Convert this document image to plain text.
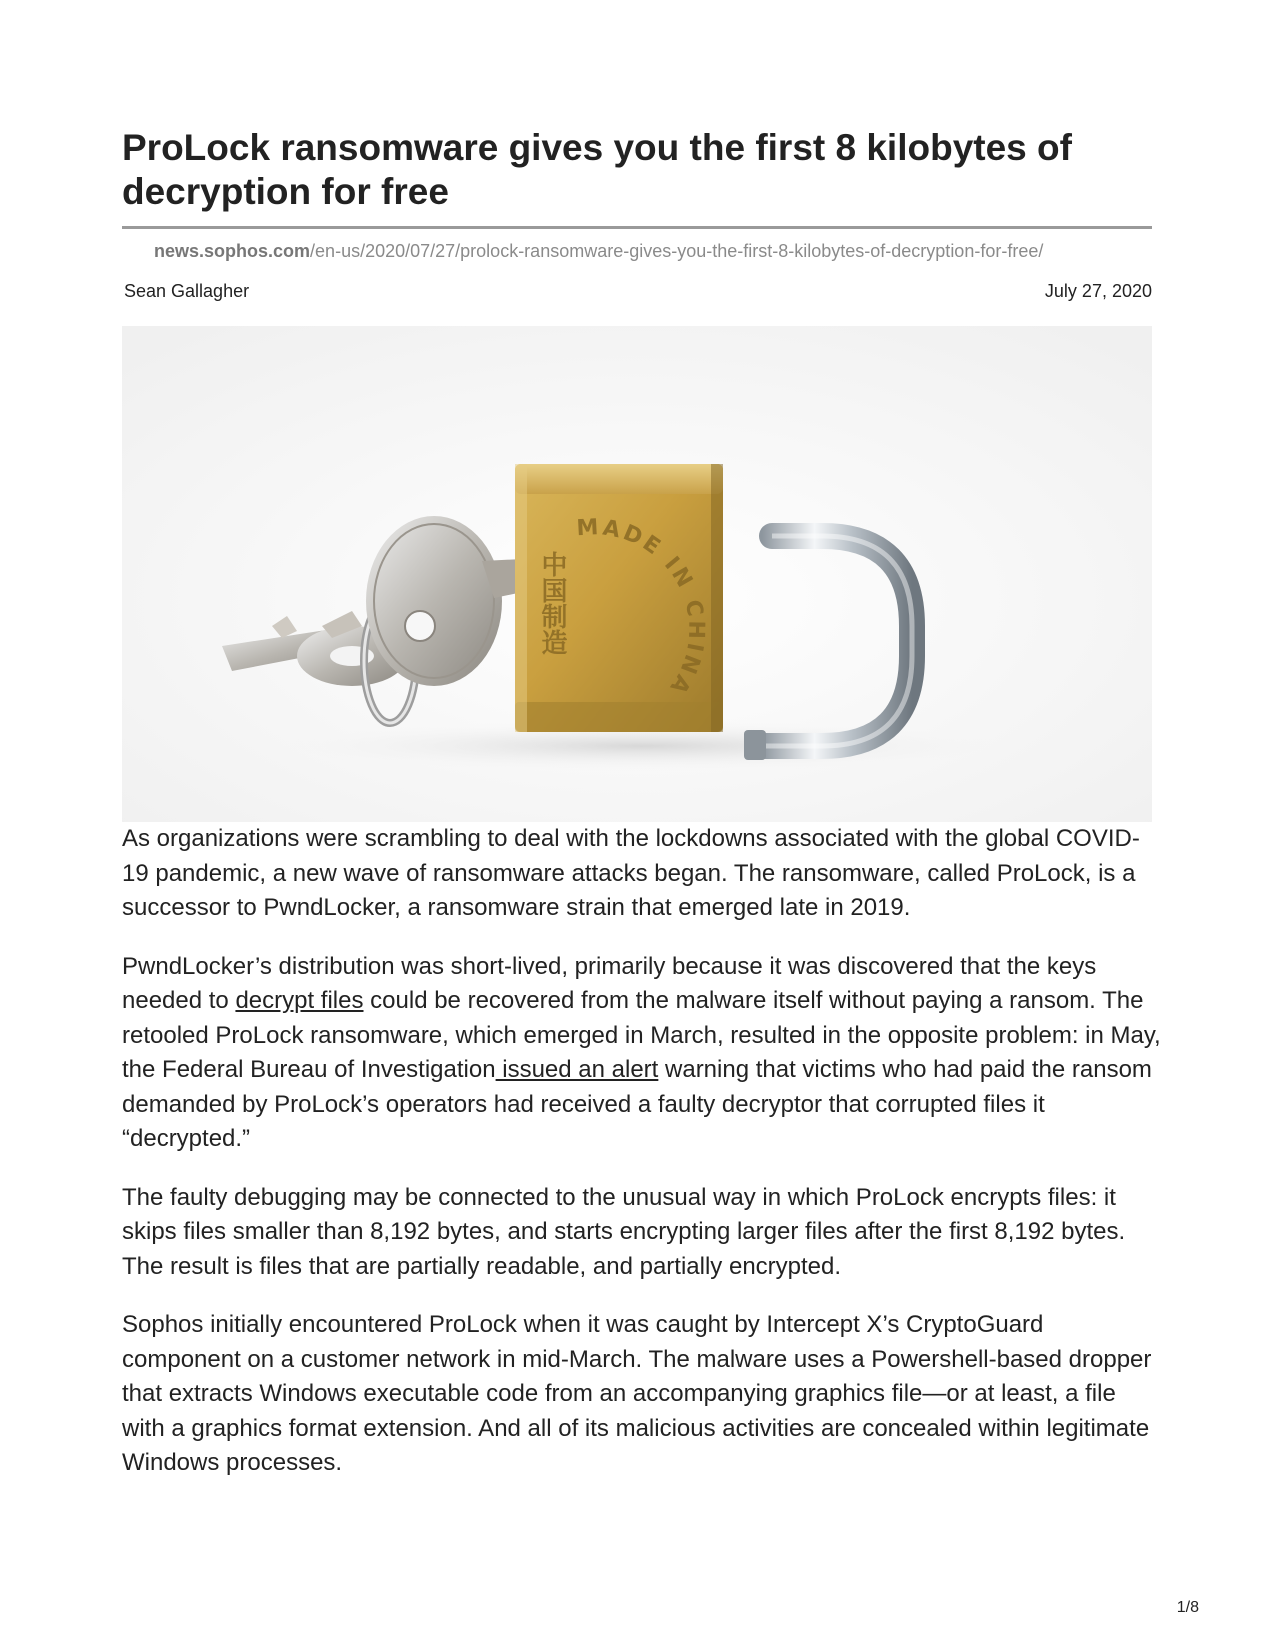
ProLock ransomware gives you the first 8 kilobytes of decryption for free
news.sophos.com/en-us/2020/07/27/prolock-ransomware-gives-you-the-first-8-kilobytes-of-decryption-for-free/
Sean Gallagher	July 27, 2020
MADE IN CHINA
中国制造

As organizations were scrambling to deal with the lockdowns associated with the global COVID-19 pandemic, a new wave of ransomware attacks began. The ransomware, called ProLock, is a successor to PwndLocker, a ransomware strain that emerged late in 2019.

PwndLocker’s distribution was short-lived, primarily because it was discovered that the keys needed to decrypt files could be recovered from the malware itself without paying a ransom. The retooled ProLock ransomware, which emerged in March, resulted in the opposite problem: in May, the Federal Bureau of Investigation issued an alert warning that victims who had paid the ransom demanded by ProLock’s operators had received a faulty decryptor that corrupted files it “decrypted.”

The faulty debugging may be connected to the unusual way in which ProLock encrypts files: it skips files smaller than 8,192 bytes, and starts encrypting larger files after the first 8,192 bytes. The result is files that are partially readable, and partially encrypted.

Sophos initially encountered ProLock when it was caught by Intercept X’s CryptoGuard component on a customer network in mid-March. The malware uses a Powershell-based dropper that extracts Windows executable code from an accompanying graphics file—or at least, a file with a graphics format extension. And all of its malicious activities are concealed within legitimate Windows processes.

1/8
